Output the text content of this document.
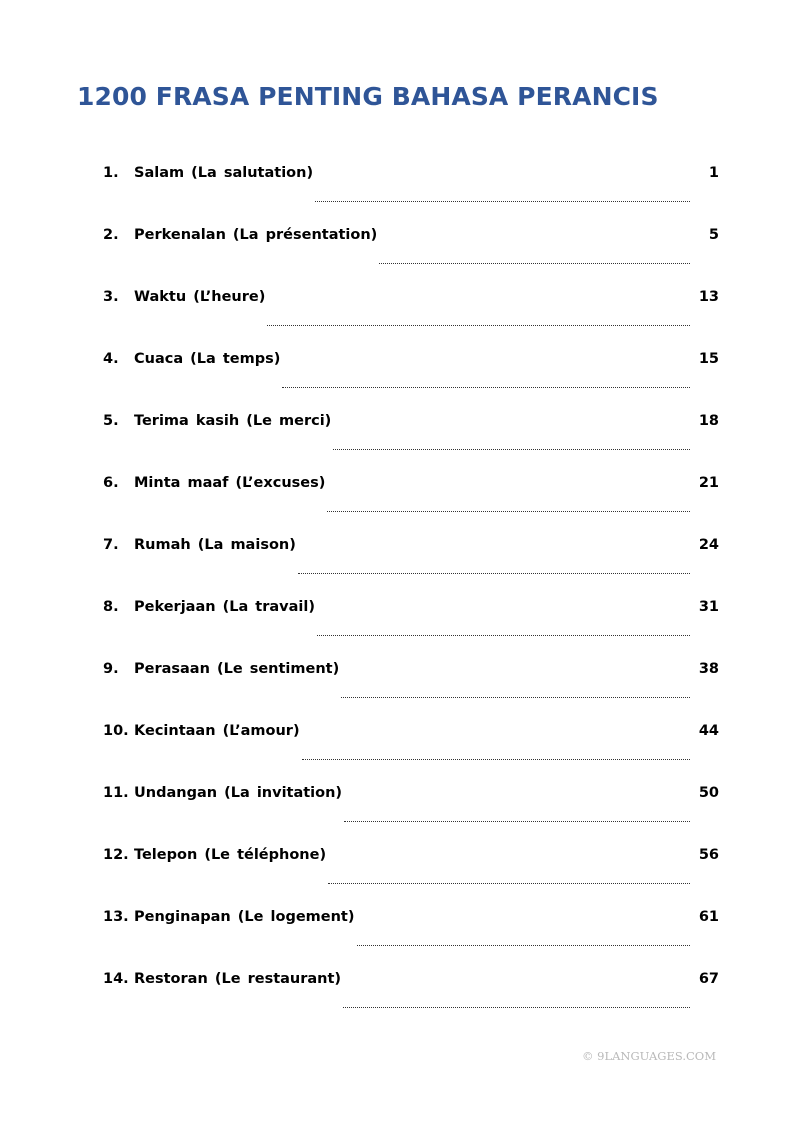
1200 FRASA PENTING BAHASA PERANCIS
1.	Salam (La salutation)	1
2.	Perkenalan (La présentation)	5
3.	Waktu (L’heure)	13
4.	Cuaca (La temps)	15
5.	Terima kasih (Le merci)	18
6.	Minta maaf (L’excuses)	21
7.	Rumah (La maison)	24
8.	Pekerjaan (La travail)	31
9.	Perasaan (Le sentiment)	38
10. Kecintaan (L’amour)	44
11. Undangan (La invitation)	50
12. Telepon (Le téléphone)	56
13. Penginapan (Le logement)	61
14. Restoran (Le restaurant)	67
© 9LANGUAGES.COM
